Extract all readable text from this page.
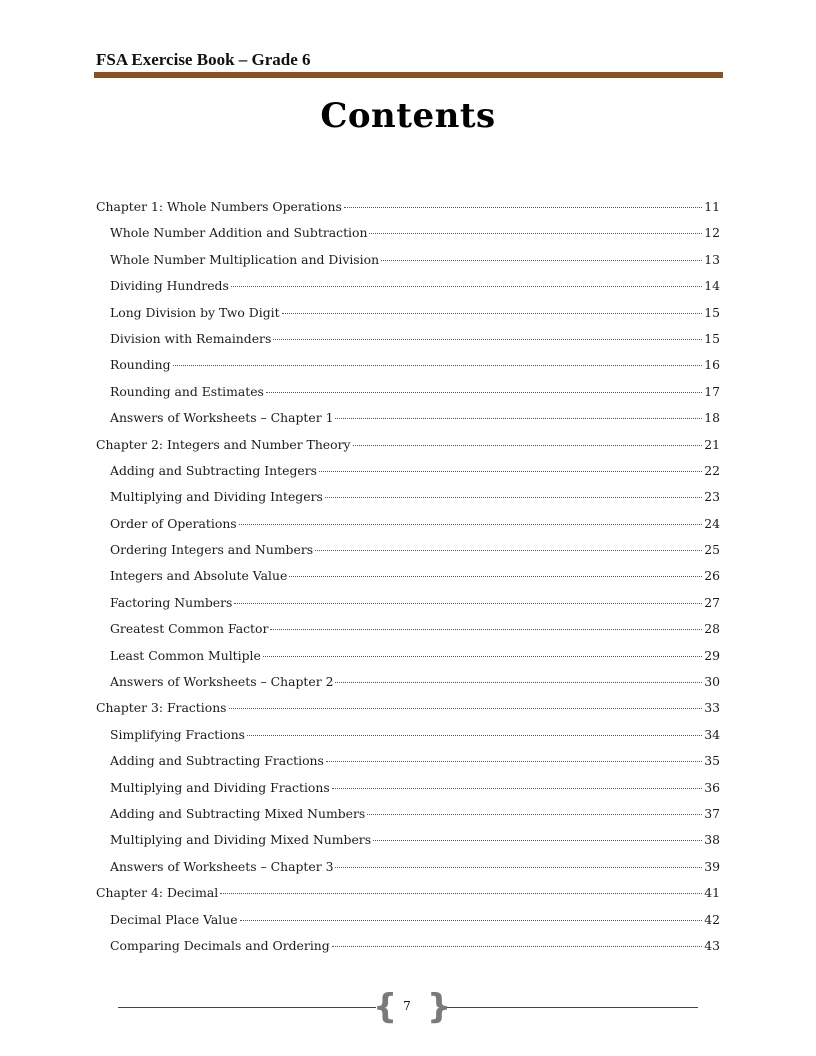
FSA Exercise Book – Grade 6
Contents
Chapter 1: Whole Numbers Operations	11
Whole Number Addition and Subtraction	12
Whole Number Multiplication and Division	13
Dividing Hundreds	14
Long Division by Two Digit	15
Division with Remainders	15
Rounding	16
Rounding and Estimates	17
Answers of Worksheets – Chapter 1	18
Chapter 2: Integers and Number Theory	21
Adding and Subtracting Integers	22
Multiplying and Dividing Integers	23
Order of Operations	24
Ordering Integers and Numbers	25
Integers and Absolute Value	26
Factoring Numbers	27
Greatest Common Factor	28
Least Common Multiple	29
Answers of Worksheets – Chapter 2	30
Chapter 3: Fractions	33
Simplifying Fractions	34
Adding and Subtracting Fractions	35
Multiplying and Dividing Fractions	36
Adding and Subtracting Mixed Numbers	37
Multiplying and Dividing Mixed Numbers	38
Answers of Worksheets – Chapter 3	39
Chapter 4: Decimal	41
Decimal Place Value	42
Comparing Decimals and Ordering	43
{ 7 }
